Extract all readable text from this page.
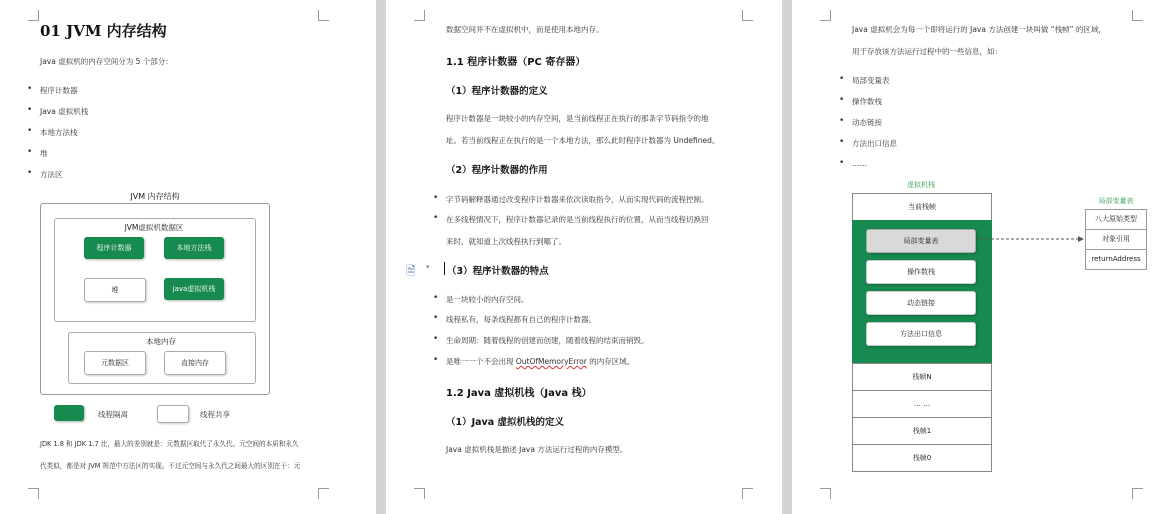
01 JVM 内存结构
Java 虚拟机的内存空间分为 5 个部分：
• 程序计数器
• Java 虚拟机栈
• 本地方法栈
• 堆
• 方法区
JVM 内存结构
JVM虚拟机数据区
程序计数器	本地方法栈
堆	java虚拟机栈
本地内存
元数据区	直接内存
线程隔离	线程共享
JDK 1.8 和 JDK 1.7 比，最大的差别就是：元数据区取代了永久代。元空间的本质和永久
代类似，都是对 JVM 规范中方法区的实现。不过元空间与永久代之间最大的区别在于：元
数据空间并不在虚拟机中，而是使用本地内存。
1.1 程序计数器（PC 寄存器）
（1）程序计数器的定义
程序计数器是一块较小的内存空间，是当前线程正在执行的那条字节码指令的地
址。若当前线程正在执行的是一个本地方法，那么此时程序计数器为 Undefined。
（2）程序计数器的作用
• 字节码解释器通过改变程序计数器来依次读取指令，从而实现代码的流程控制。
• 在多线程情况下，程序计数器记录的是当前线程执行的位置，从而当线程切换回
来时，就知道上次线程执行到哪了。
🗎 ▾ （3）程序计数器的特点
• 是一块较小的内存空间。
• 线程私有，每条线程都有自己的程序计数器。
• 生命周期：随着线程的创建而创建，随着线程的结束而销毁。
• 是唯一一个不会出现 OutOfMemoryError 的内存区域。
1.2 Java 虚拟机栈（Java 栈）
（1）Java 虚拟机栈的定义
Java 虚拟机栈是描述 Java 方法运行过程的内存模型。
Java 虚拟机会为每一个即将运行的 Java 方法创建一块叫做 “栈帧” 的区域，
用于存放该方法运行过程中的一些信息，如：
• 局部变量表
• 操作数栈
• 动态链接
• 方法出口信息
• ……
虚拟机栈
当前栈帧
局部变量表
操作数栈
动态链接
方法出口信息
栈帧N
… …
栈帧1
栈帧0
局部变量表
八大原始类型
对象引用
returnAddress
